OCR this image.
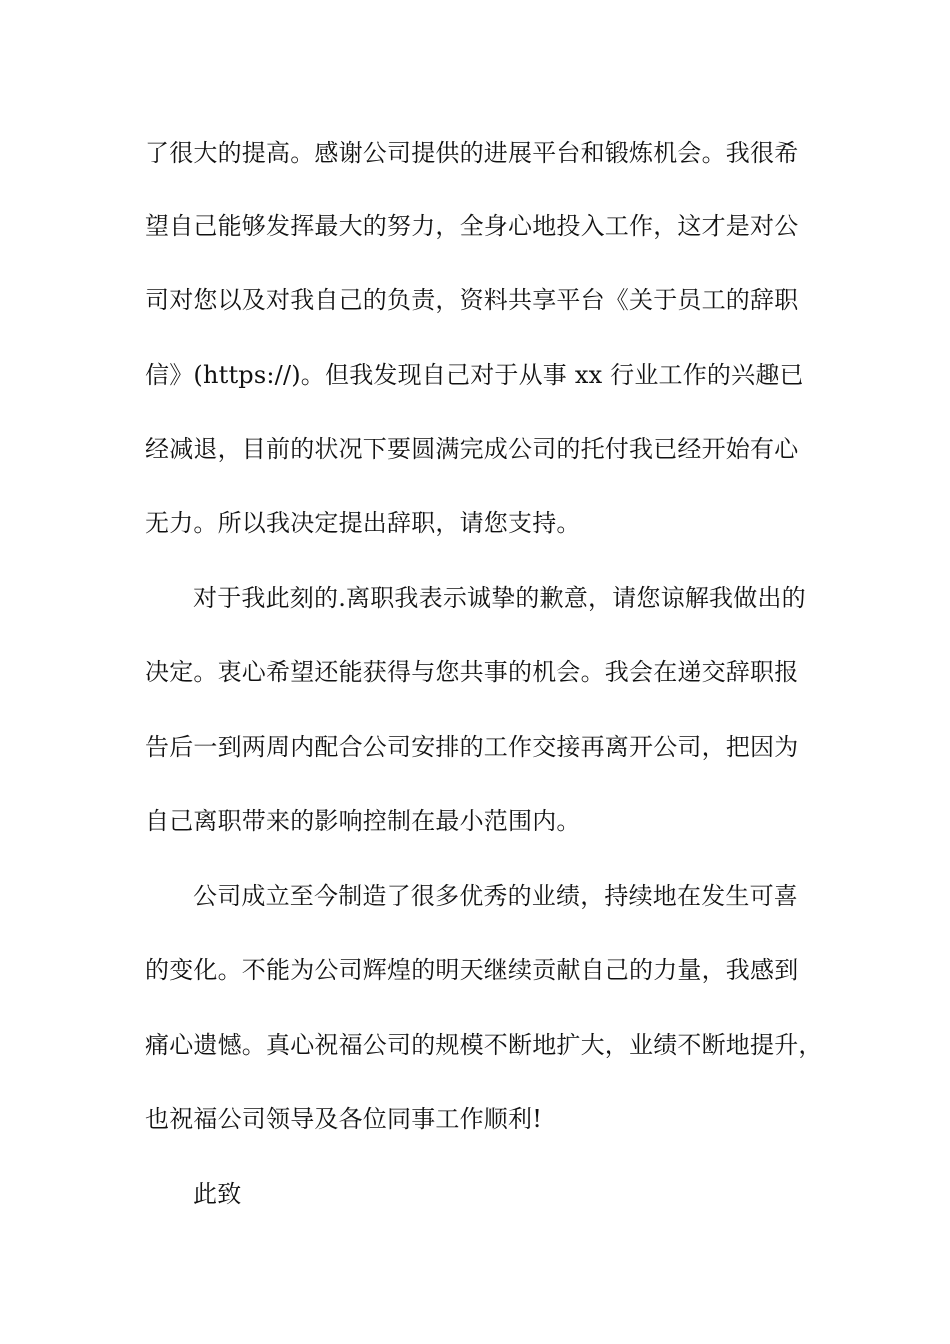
了很大的提高。感谢公司提供的进展平台和锻炼机会。我很希
望自己能够发挥最大的努力，全身心地投入工作，这才是对公
司对您以及对我自己的负责，资料共享平台《关于员工的辞职
信》(https://)。但我发现自己对于从事 xx 行业工作的兴趣已
经减退，目前的状况下要圆满完成公司的托付我已经开始有心
无力。所以我决定提出辞职，请您支持。
对于我此刻的.离职我表示诚挚的歉意，请您谅解我做出的
决定。衷心希望还能获得与您共事的机会。我会在递交辞职报
告后一到两周内配合公司安排的工作交接再离开公司，把因为
自己离职带来的影响控制在最小范围内。
公司成立至今制造了很多优秀的业绩，持续地在发生可喜
的变化。不能为公司辉煌的明天继续贡献自己的力量，我感到
痛心遗憾。真心祝福公司的规模不断地扩大，业绩不断地提升，
也祝福公司领导及各位同事工作顺利!
此致
